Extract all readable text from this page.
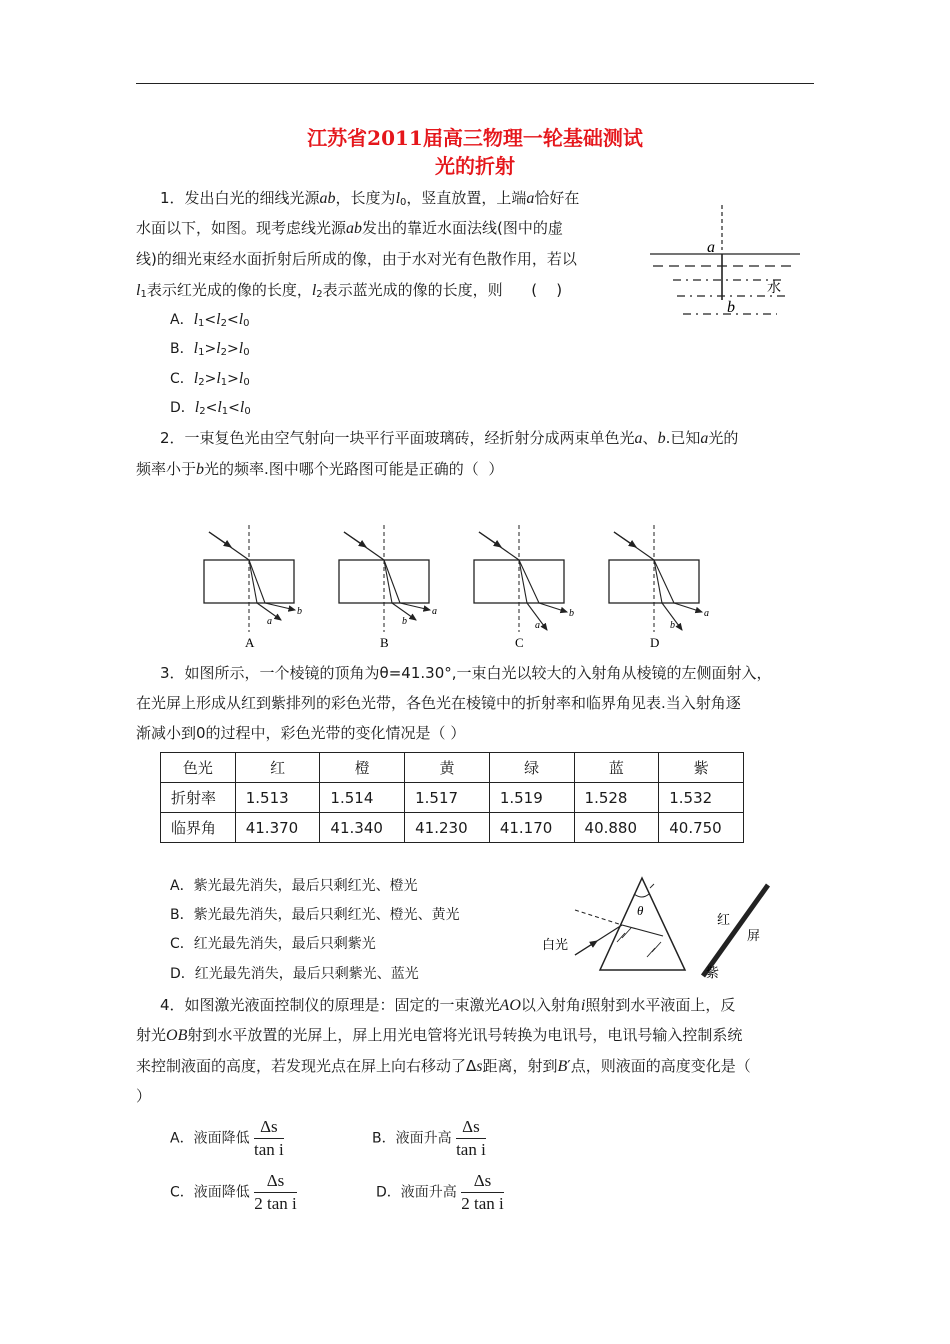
江苏省2011届高三物理一轮基础测试
光的折射
1．发出白光的细线光源ab，长度为$l_0$，竖直放置，上端a恰好在
水面以下，如图。现考虑线光源ab发出的靠近水面法线(图中的虚
线)的细光束经水面折射后所成的像，由于水对光有色散作用，若以
$l_1$表示红光成的像的长度，$l_2$表示蓝光成的像的长度，则      (    )
A．$l_1<l_2<l_0$
B．$l_1>l_2>l_0$
C．$l_2>l_1>l_0$
D．$l_2<l_1<l_0$
a
b
水
2．一束复色光由空气射向一块平行平面玻璃砖，经折射分成两束单色光a、b.已知a光的
频率小于b光的频率.图中哪个光路图可能是正确的（  ）
a
b
A
b
a
B
a
b
C
b
a
D
3．如图所示，一个棱镜的顶角为θ=41.30°,一束白光以较大的入射角从棱镜的左侧面射入，
在光屏上形成从红到紫排列的彩色光带，各色光在棱镜中的折射率和临界角见表.当入射角逐
渐减小到0的过程中，彩色光带的变化情况是（ ）
色光	红	橙	黄	绿	蓝	紫
折射率	1.513	1.514	1.517	1.519	1.528	1.532
临界角	41.370	41.340	41.230	41.170	40.880	40.750
A．紫光最先消失，最后只剩红光、橙光
B．紫光最先消失，最后只剩红光、橙光、黄光
C．红光最先消失，最后只剩紫光
D．红光最先消失，最后只剩紫光、蓝光
θ
白光
红
屏
紫
4．如图激光液面控制仪的原理是：固定的一束激光AO以入射角i照射到水平液面上，反
射光OB射到水平放置的光屏上，屏上用光电管将光讯号转换为电讯号，电讯号输入控制系统
来控制液面的高度，若发现光点在屏上向右移动了Δs距离，射到B′点，则液面的高度变化是（
）
A．液面降低 $\frac{\Delta s}{\text{tan i}}$	B．液面升高 $\frac{\Delta s}{\text{tan i}}$
C．液面降低 $\frac{\Delta s}{\text{2 tan i}}$	D．液面升高 $\frac{\Delta s}{\text{2 tan i}}$
